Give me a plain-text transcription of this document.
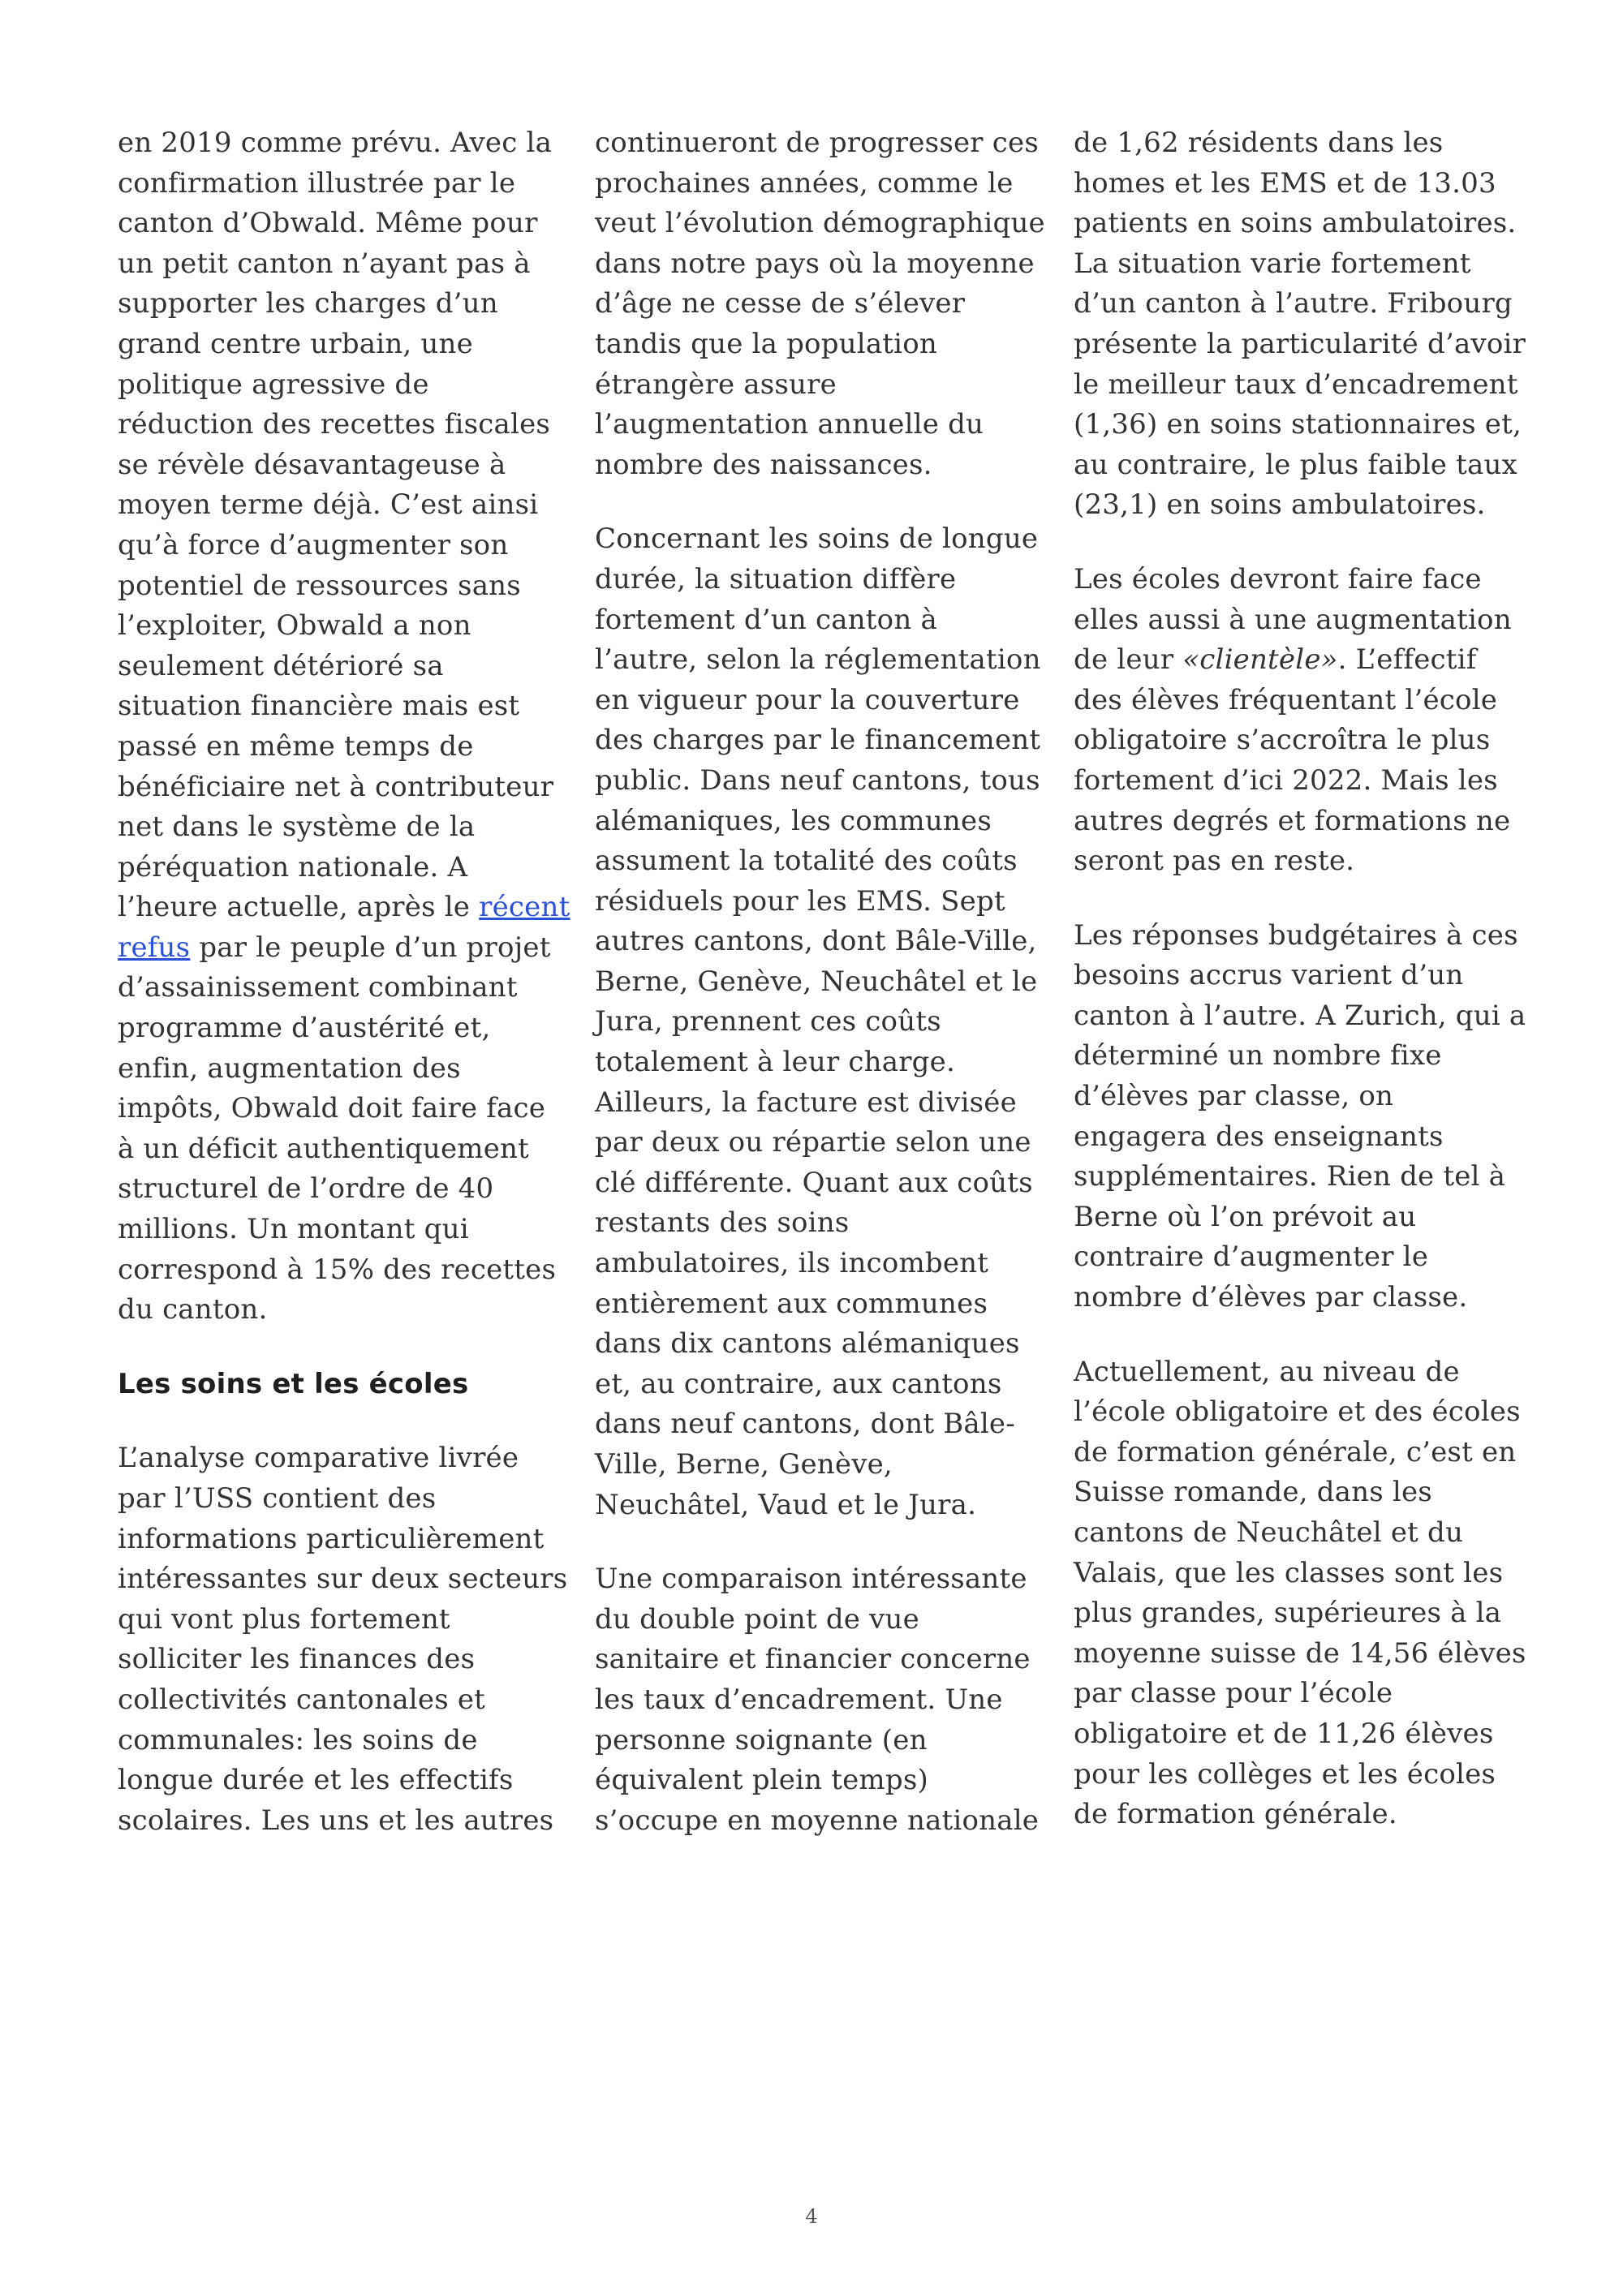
en 2019 comme prévu. Avec la
confirmation illustrée par le
canton d’Obwald. Même pour
un petit canton n’ayant pas à
supporter les charges d’un
grand centre urbain, une
politique agressive de
réduction des recettes fiscales
se révèle désavantageuse à
moyen terme déjà. C’est ainsi
qu’à force d’augmenter son
potentiel de ressources sans
l’exploiter, Obwald a non
seulement détérioré sa
situation financière mais est
passé en même temps de
bénéficiaire net à contributeur
net dans le système de la
péréquation nationale. A
l’heure actuelle, après le récent
refus par le peuple d’un projet
d’assainissement combinant
programme d’austérité et,
enfin, augmentation des
impôts, Obwald doit faire face
à un déficit authentiquement
structurel de l’ordre de 40
millions. Un montant qui
correspond à 15% des recettes
du canton.

Les soins et les écoles

L’analyse comparative livrée
par l’USS contient des
informations particulièrement
intéressantes sur deux secteurs
qui vont plus fortement
solliciter les finances des
collectivités cantonales et
communales: les soins de
longue durée et les effectifs
scolaires. Les uns et les autres

continueront de progresser ces
prochaines années, comme le
veut l’évolution démographique
dans notre pays où la moyenne
d’âge ne cesse de s’élever
tandis que la population
étrangère assure
l’augmentation annuelle du
nombre des naissances.

Concernant les soins de longue
durée, la situation diffère
fortement d’un canton à
l’autre, selon la réglementation
en vigueur pour la couverture
des charges par le financement
public. Dans neuf cantons, tous
alémaniques, les communes
assument la totalité des coûts
résiduels pour les EMS. Sept
autres cantons, dont Bâle-Ville,
Berne, Genève, Neuchâtel et le
Jura, prennent ces coûts
totalement à leur charge.
Ailleurs, la facture est divisée
par deux ou répartie selon une
clé différente. Quant aux coûts
restants des soins
ambulatoires, ils incombent
entièrement aux communes
dans dix cantons alémaniques
et, au contraire, aux cantons
dans neuf cantons, dont Bâle-
Ville, Berne, Genève,
Neuchâtel, Vaud et le Jura.

Une comparaison intéressante
du double point de vue
sanitaire et financier concerne
les taux d’encadrement. Une
personne soignante (en
équivalent plein temps)
s’occupe en moyenne nationale

de 1,62 résidents dans les
homes et les EMS et de 13.03
patients en soins ambulatoires.
La situation varie fortement
d’un canton à l’autre. Fribourg
présente la particularité d’avoir
le meilleur taux d’encadrement
(1,36) en soins stationnaires et,
au contraire, le plus faible taux
(23,1) en soins ambulatoires.

Les écoles devront faire face
elles aussi à une augmentation
de leur «clientèle». L’effectif
des élèves fréquentant l’école
obligatoire s’accroîtra le plus
fortement d’ici 2022. Mais les
autres degrés et formations ne
seront pas en reste.

Les réponses budgétaires à ces
besoins accrus varient d’un
canton à l’autre. A Zurich, qui a
déterminé un nombre fixe
d’élèves par classe, on
engagera des enseignants
supplémentaires. Rien de tel à
Berne où l’on prévoit au
contraire d’augmenter le
nombre d’élèves par classe.

Actuellement, au niveau de
l’école obligatoire et des écoles
de formation générale, c’est en
Suisse romande, dans les
cantons de Neuchâtel et du
Valais, que les classes sont les
plus grandes, supérieures à la
moyenne suisse de 14,56 élèves
par classe pour l’école
obligatoire et de 11,26 élèves
pour les collèges et les écoles
de formation générale.

4
